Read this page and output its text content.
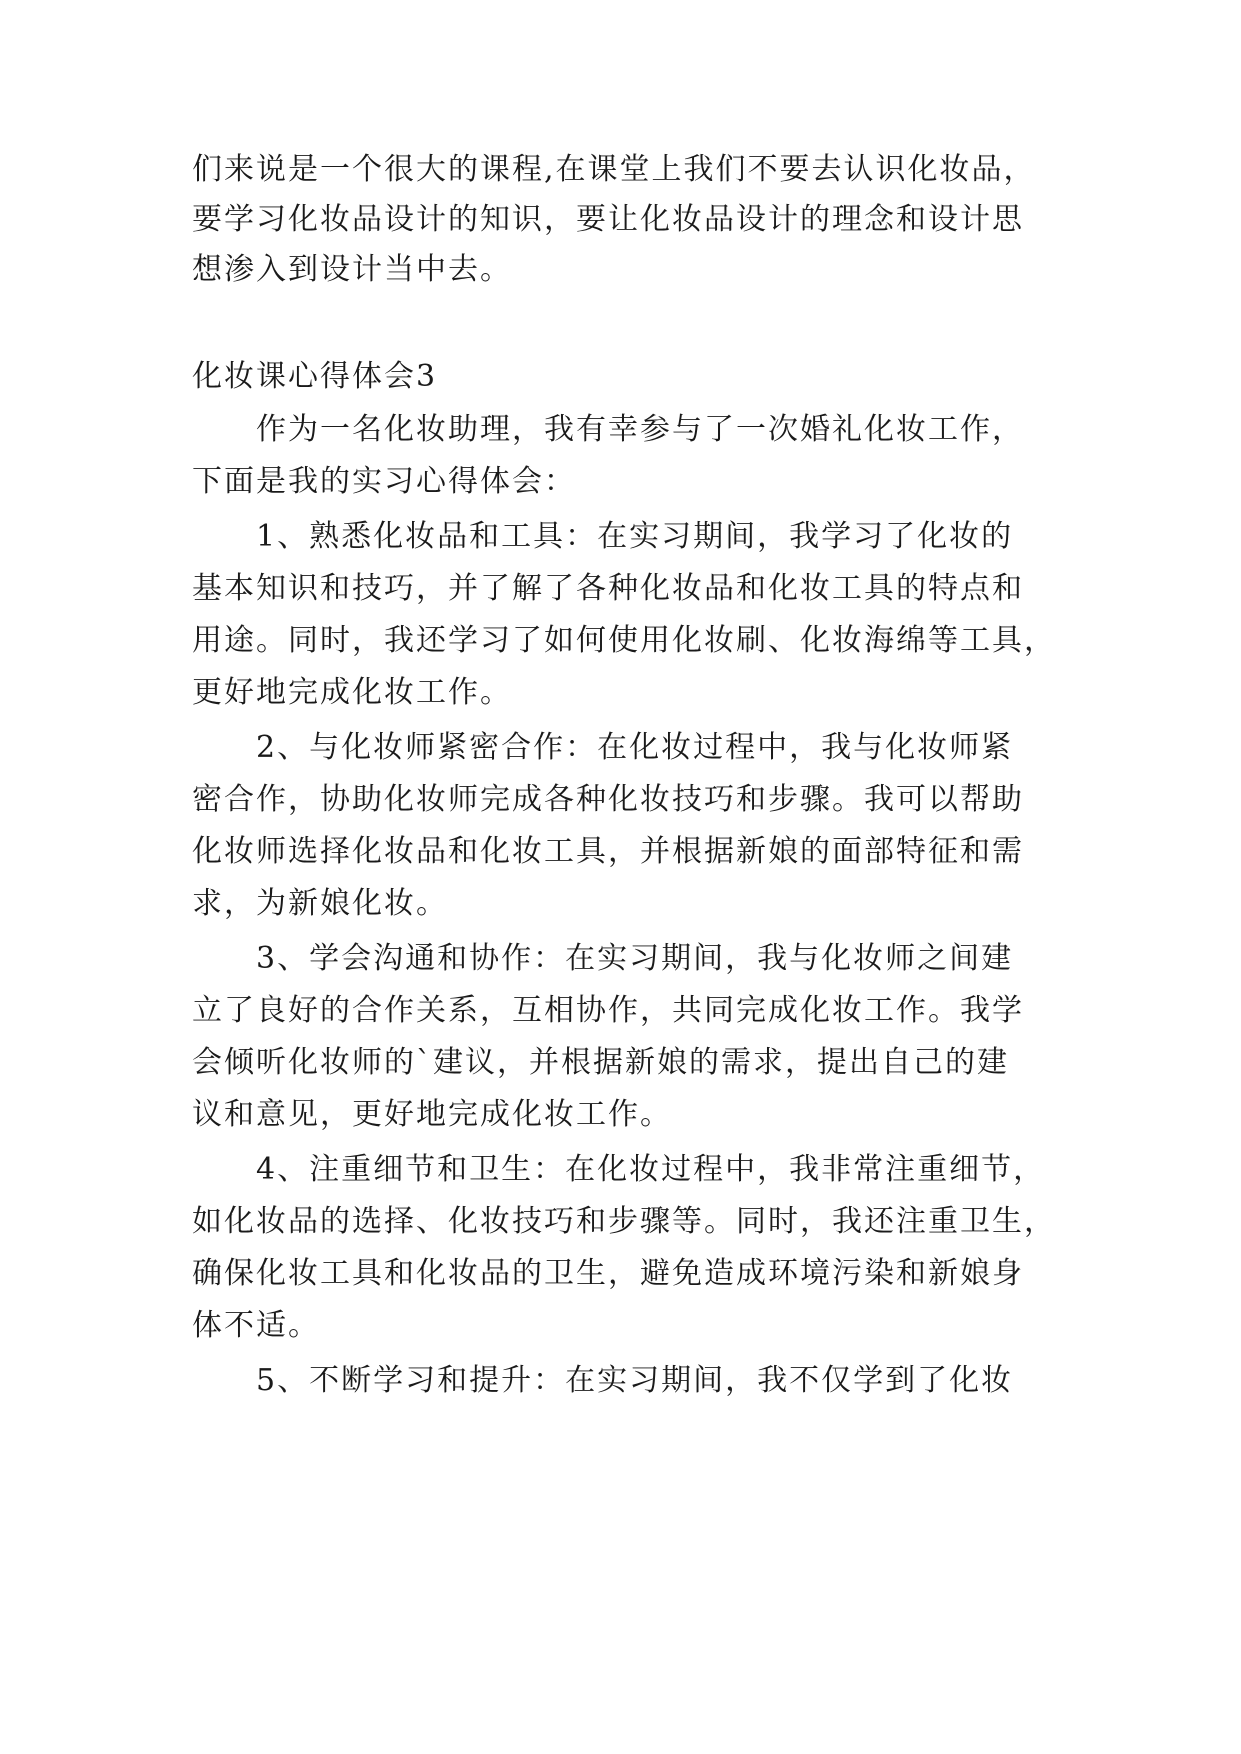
们来说是一个很大的课程,在课堂上我们不要去认识化妆品，
要学习化妆品设计的知识，要让化妆品设计的理念和设计思
想渗入到设计当中去。
化妆课心得体会3
作为一名化妆助理，我有幸参与了一次婚礼化妆工作，
下面是我的实习心得体会：
1、熟悉化妆品和工具：在实习期间，我学习了化妆的
基本知识和技巧，并了解了各种化妆品和化妆工具的特点和
用途。同时，我还学习了如何使用化妆刷、化妆海绵等工具，
更好地完成化妆工作。
2、与化妆师紧密合作：在化妆过程中，我与化妆师紧
密合作，协助化妆师完成各种化妆技巧和步骤。我可以帮助
化妆师选择化妆品和化妆工具，并根据新娘的面部特征和需
求，为新娘化妆。
3、学会沟通和协作：在实习期间，我与化妆师之间建
立了良好的合作关系，互相协作，共同完成化妆工作。我学
会倾听化妆师的`建议，并根据新娘的需求，提出自己的建
议和意见，更好地完成化妆工作。
4、注重细节和卫生：在化妆过程中，我非常注重细节，
如化妆品的选择、化妆技巧和步骤等。同时，我还注重卫生，
确保化妆工具和化妆品的卫生，避免造成环境污染和新娘身
体不适。
5、不断学习和提升：在实习期间，我不仅学到了化妆
